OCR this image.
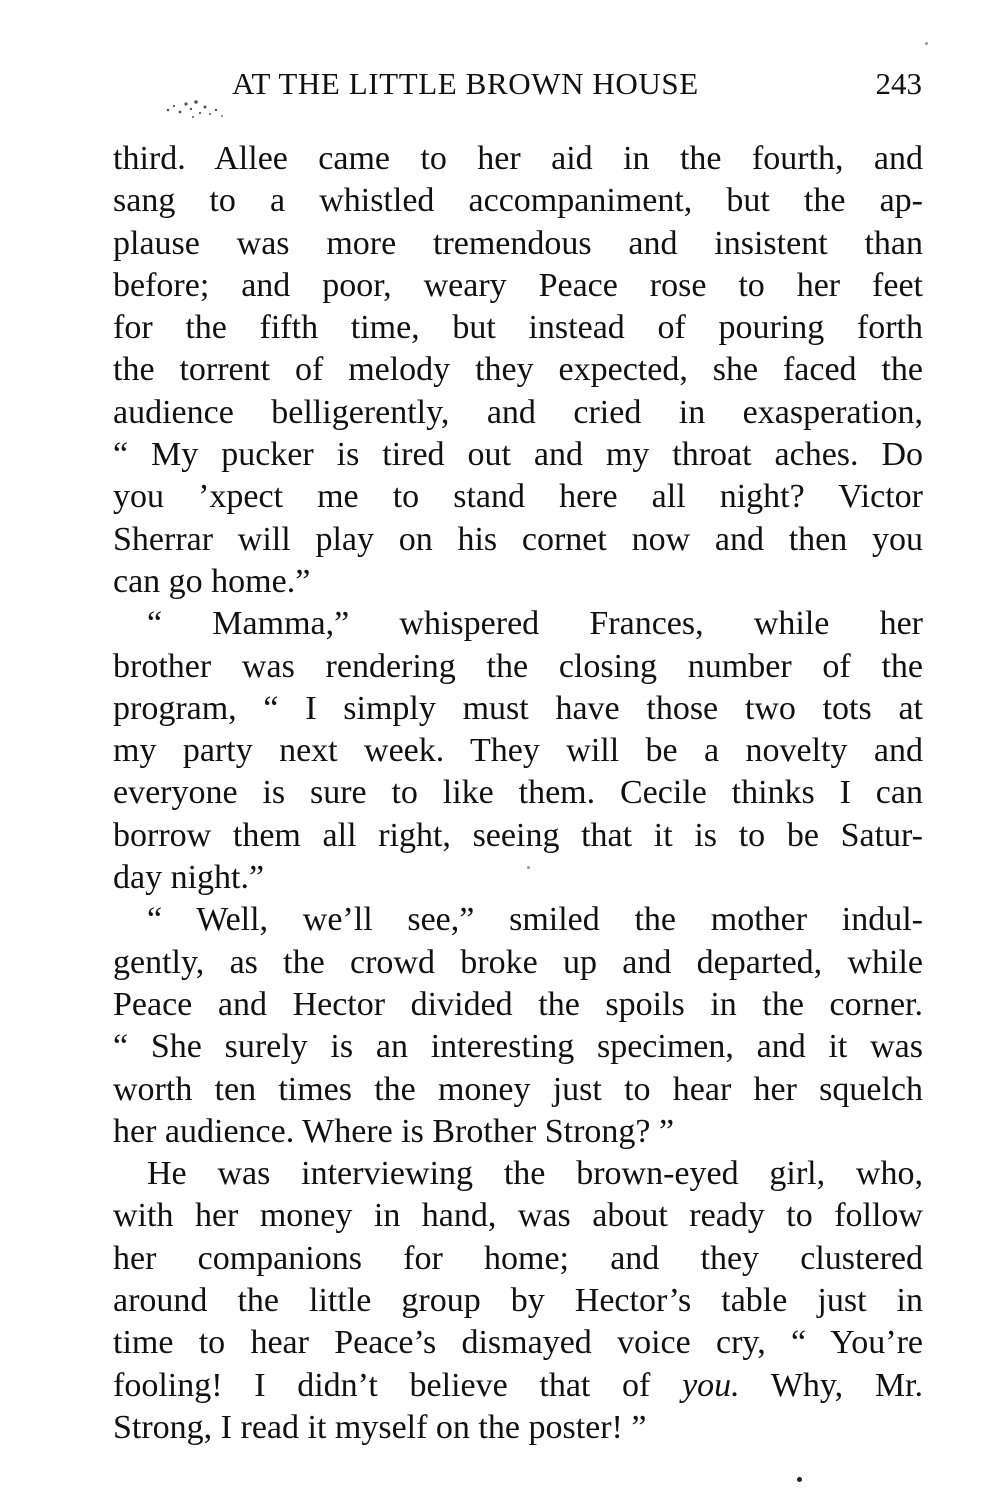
AT THE LITTLE BROWN HOUSE	243
third. Allee came to her aid in the fourth, and
sang to a whistled accompaniment, but the ap-
plause was more tremendous and insistent than
before; and poor, weary Peace rose to her feet
for the fifth time, but instead of pouring forth
the torrent of melody they expected, she faced the
audience belligerently, and cried in exasperation,
“ My pucker is tired out and my throat aches. Do
you ’xpect me to stand here all night? Victor
Sherrar will play on his cornet now and then you
can go home.”
“ Mamma,” whispered Frances, while her
brother was rendering the closing number of the
program, “ I simply must have those two tots at
my party next week. They will be a novelty and
everyone is sure to like them. Cecile thinks I can
borrow them all right, seeing that it is to be Satur-
day night.”
“ Well, we’ll see,” smiled the mother indul-
gently, as the crowd broke up and departed, while
Peace and Hector divided the spoils in the corner.
“ She surely is an interesting specimen, and it was
worth ten times the money just to hear her squelch
her audience. Where is Brother Strong? ”
He was interviewing the brown-eyed girl, who,
with her money in hand, was about ready to follow
her companions for home; and they clustered
around the little group by Hector’s table just in
time to hear Peace’s dismayed voice cry, “ You’re
fooling! I didn’t believe that of you. Why, Mr.
Strong, I read it myself on the poster! ”
